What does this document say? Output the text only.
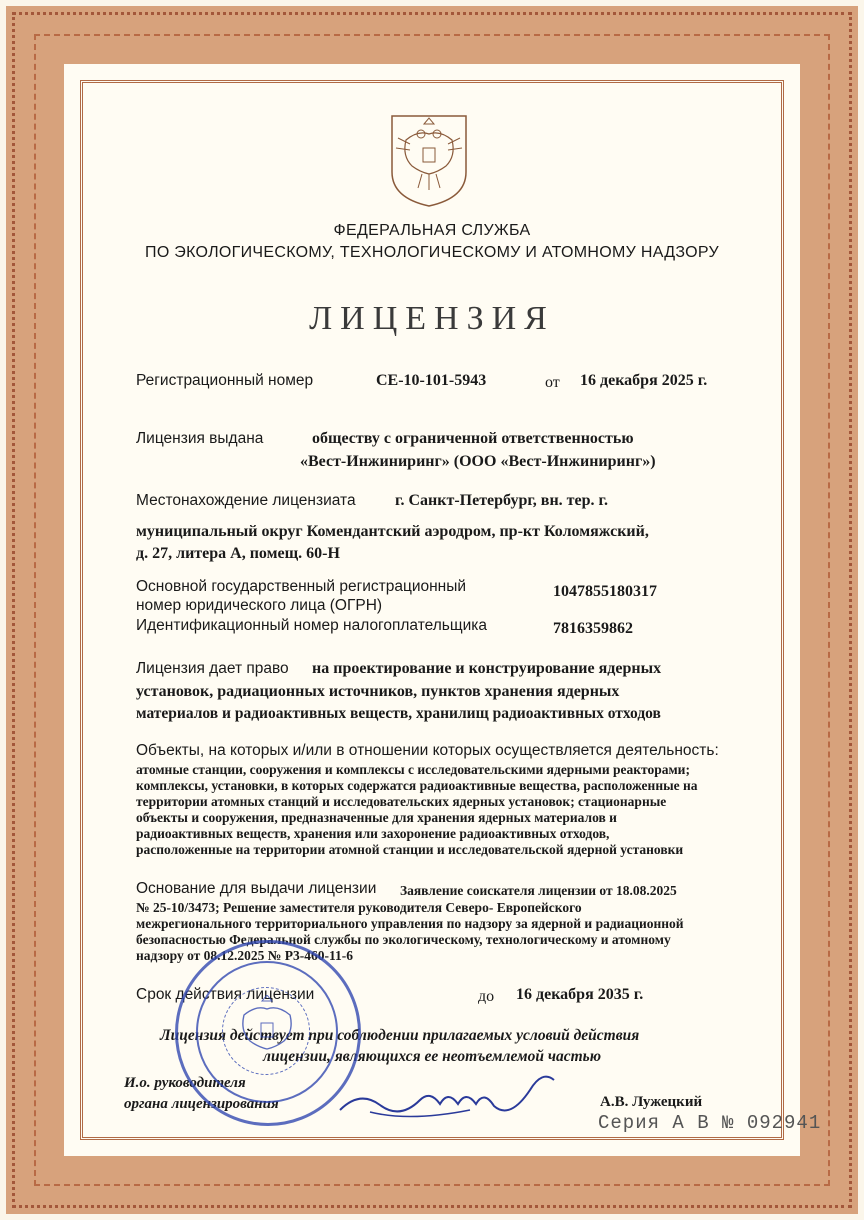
ФЕДЕРАЛЬНАЯ СЛУЖБА
ПО ЭКОЛОГИЧЕСКОМУ, ТЕХНОЛОГИЧЕСКОМУ И АТОМНОМУ НАДЗОРУ
ЛИЦЕНЗИЯ
Регистрационный номер	CE-10-101-5943	от 16 декабря 2025 г.
Лицензия выдана	обществу с ограниченной ответственностью
«Вест-Инжиниринг» (ООО «Вест-Инжиниринг»)
Местонахождение лицензиата г. Санкт-Петербург, вн. тер. г.
муниципальный округ Комендантский аэродром, пр-кт Коломяжский,
д. 27, литера А, помещ. 60-Н
Основной государственный регистрационный
номер юридического лица (ОГРН)
1047855180317
Идентификационный номер налогоплательщика	7816359862
Лицензия дает право на проектирование и конструирование ядерных
установок, радиационных источников, пунктов хранения ядерных
материалов и радиоактивных веществ, хранилищ радиоактивных отходов
Объекты, на которых и/или в отношении которых осуществляется деятельность:
атомные станции, сооружения и комплексы с исследовательскими ядерными реакторами;
комплексы, установки, в которых содержатся радиоактивные вещества, расположенные на
территории атомных станций и исследовательских ядерных установок; стационарные
объекты и сооружения, предназначенные для хранения ядерных материалов и
радиоактивных веществ, хранения или захоронение радиоактивных отходов,
расположенные на территории атомной станции и исследовательской ядерной установки
Основание для выдачи лицензии Заявление соискателя лицензии от 18.08.2025
№ 25-10/3473; Решение заместителя руководителя Северо- Европейского
межрегионального территориального управления по надзору за ядерной и радиационной
безопасностью Федеральной службы по экологическому, технологическому и атомному
надзору от 08.12.2025 № Р3-460-11-6
Срок действия лицензии	до 16 декабря 2035 г.
Лицензия действует при соблюдении прилагаемых условий действия
лицензии, являющихся ее неотъемлемой частью
И.о. руководителя
органа лицензирования	А.В. Лужецкий
Серия А В № 092941
